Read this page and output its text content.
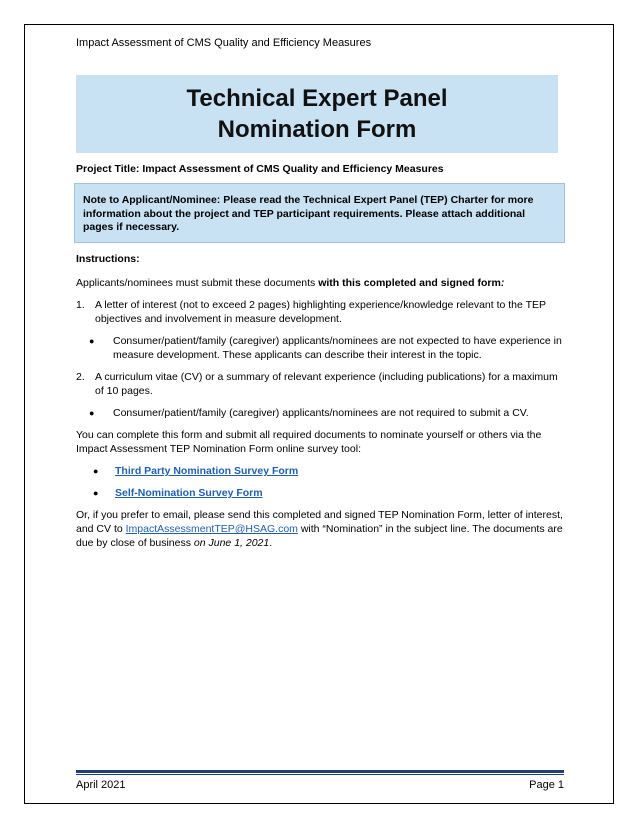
Impact Assessment of CMS Quality and Efficiency Measures
Technical Expert Panel
Nomination Form
Project Title: Impact Assessment of CMS Quality and Efficiency Measures
Note to Applicant/Nominee: Please read the Technical Expert Panel (TEP) Charter for more information about the project and TEP participant requirements. Please attach additional pages if necessary.

Instructions:

Applicants/nominees must submit these documents with this completed and signed form:

1. A letter of interest (not to exceed 2 pages) highlighting experience/knowledge relevant to the TEP objectives and involvement in measure development.
●	Consumer/patient/family (caregiver) applicants/nominees are not expected to have experience in measure development. These applicants can describe their interest in the topic.
2. A curriculum vitae (CV) or a summary of relevant experience (including publications) for a maximum of 10 pages.
●	Consumer/patient/family (caregiver) applicants/nominees are not required to submit a CV.

You can complete this form and submit all required documents to nominate yourself or others via the Impact Assessment TEP Nomination Form online survey tool:

●	Third Party Nomination Survey Form
●	Self-Nomination Survey Form

Or, if you prefer to email, please send this completed and signed TEP Nomination Form, letter of interest, and CV to ImpactAssessmentTEP@HSAG.com with “Nomination” in the subject line. The documents are due by close of business on June 1, 2021.

April 2021	Page 1
